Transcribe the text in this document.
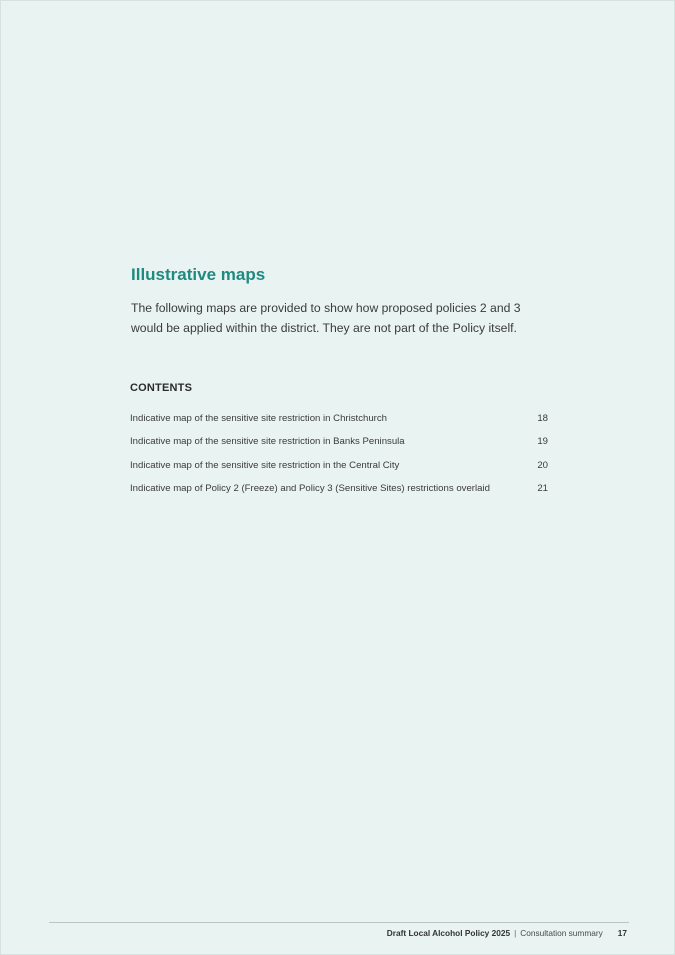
Illustrative maps

The following maps are provided to show how proposed policies 2 and 3 would be applied within the district. They are not part of the Policy itself.

CONTENTS
Indicative map of the sensitive site restriction in Christchurch	18
Indicative map of the sensitive site restriction in Banks Peninsula	19
Indicative map of the sensitive site restriction in the Central City	20
Indicative map of Policy 2 (Freeze) and Policy 3 (Sensitive Sites) restrictions overlaid	21
Draft Local Alcohol Policy 2025 | Consultation summary 17
